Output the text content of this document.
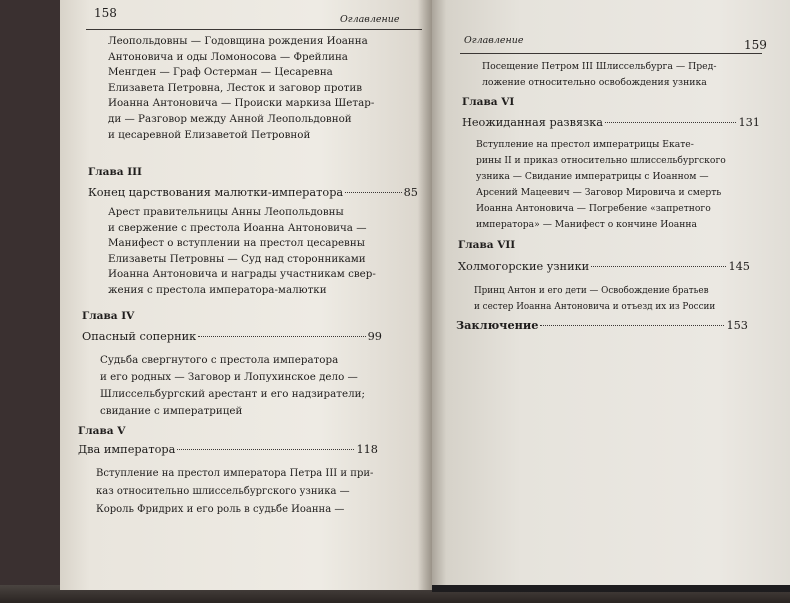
158	Оглавление
Леопольдовны — Годовщина рождения Иоанна
Антоновича и оды Ломоносова — Фрейлина
Менгден — Граф Остерман — Цесаревна
Елизавета Петровна, Лесток и заговор против
Иоанна Антоновича — Происки маркиза Шетар-
ди — Разговор между Анной Леопольдовной
и цесаревной Елизаветой Петровной
Глава III
Конец царствования малютки-императора	85
Арест правительницы Анны Леопольдовны
и свержение с престола Иоанна Антоновича —
Манифест о вступлении на престол цесаревны
Елизаветы Петровны — Суд над сторонниками
Иоанна Антоновича и награды участникам свер-
жения с престола императора-малютки
Глава IV
Опасный соперник	99
Судьба свергнутого с престола императора
и его родных — Заговор и Лопухинское дело —
Шлиссельбургский арестант и его надзиратели;
свидание с императрицей
Глава V
Два императора	118
Вступление на престол императора Петра III и при-
каз относительно шлиссельбургского узника —
Король Фридрих и его роль в судьбе Иоанна —
Оглавление	159
Посещение Петром III Шлиссельбурга — Пред-
ложение относительно освобождения узника
Глава VI
Неожиданная развязка	131
Вступление на престол императрицы Екате-
рины II и приказ относительно шлиссельбургского
узника — Свидание императрицы с Иоанном —
Арсений Мацеевич — Заговор Мировича и смерть
Иоанна Антоновича — Погребение «запретного
императора» — Манифест о кончине Иоанна
Глава VII
Холмогорские узники	145
Принц Антон и его дети — Освобождение братьев
и сестер Иоанна Антоновича и отъезд их из России
Заключение	153
